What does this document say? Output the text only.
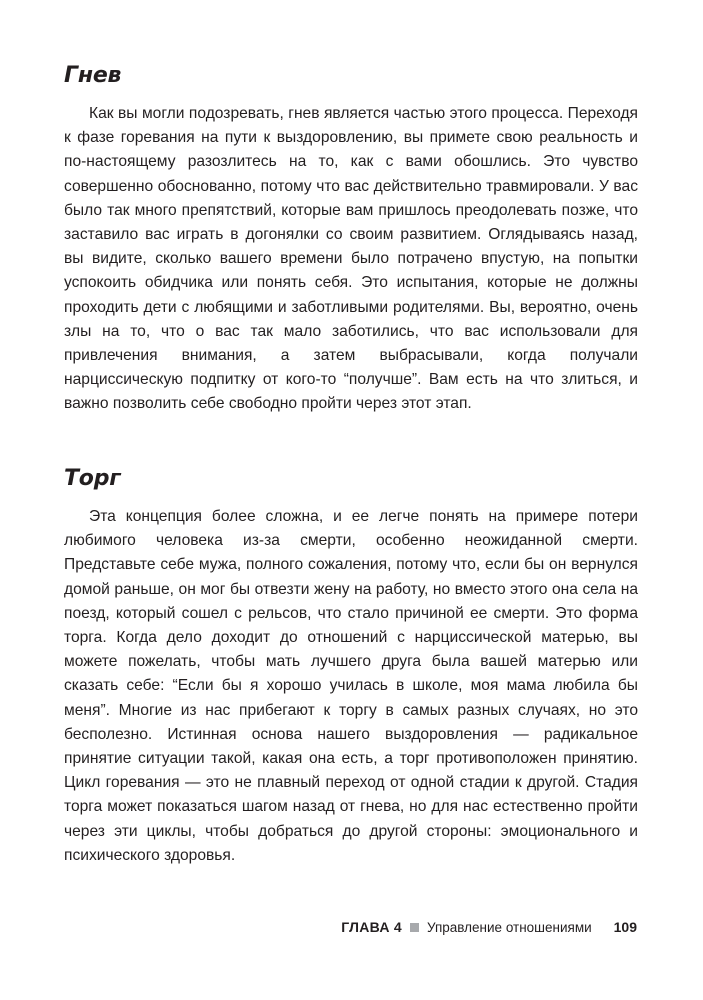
Гнев

Как вы могли подозревать, гнев является частью этого процесса. Переходя к фазе горевания на пути к выздоровлению, вы примете свою реальность и по-настоящему разозлитесь на то, как с вами обошлись. Это чувство совершенно обоснованно, потому что вас действительно травмировали. У вас было так много препятствий, которые вам пришлось преодолевать позже, что заставило вас играть в догонялки со своим развитием. Оглядываясь назад, вы видите, сколько вашего времени было потрачено впустую, на попытки успокоить обидчика или понять себя. Это испытания, которые не должны проходить дети с любящими и заботливыми родителями. Вы, вероятно, очень злы на то, что о вас так мало заботились, что вас использовали для привлечения внимания, а затем выбрасывали, когда получали нарциссическую подпитку от кого-то “получше”. Вам есть на что злиться, и важно позволить себе свободно пройти через этот этап.

Торг

Эта концепция более сложна, и ее легче понять на примере потери любимого человека из-за смерти, особенно неожиданной смерти. Представьте себе мужа, полного сожаления, потому что, если бы он вернулся домой раньше, он мог бы отвезти жену на работу, но вместо этого она села на поезд, который сошел с рельсов, что стало причиной ее смерти. Это форма торга. Когда дело доходит до отношений с нарциссической матерью, вы можете пожелать, чтобы мать лучшего друга была вашей матерью или сказать себе: “Если бы я хорошо училась в школе, моя мама любила бы меня”. Многие из нас прибегают к торгу в самых разных случаях, но это бесполезно. Истинная основа нашего выздоровления — радикальное принятие ситуации такой, какая она есть, а торг противоположен принятию. Цикл горевания — это не плавный переход от одной стадии к другой. Стадия торга может показаться шагом назад от гнева, но для нас естественно пройти через эти циклы, чтобы добраться до другой стороны: эмоционального и психического здоровья.

ГЛАВА 4 Управление отношениями 109
